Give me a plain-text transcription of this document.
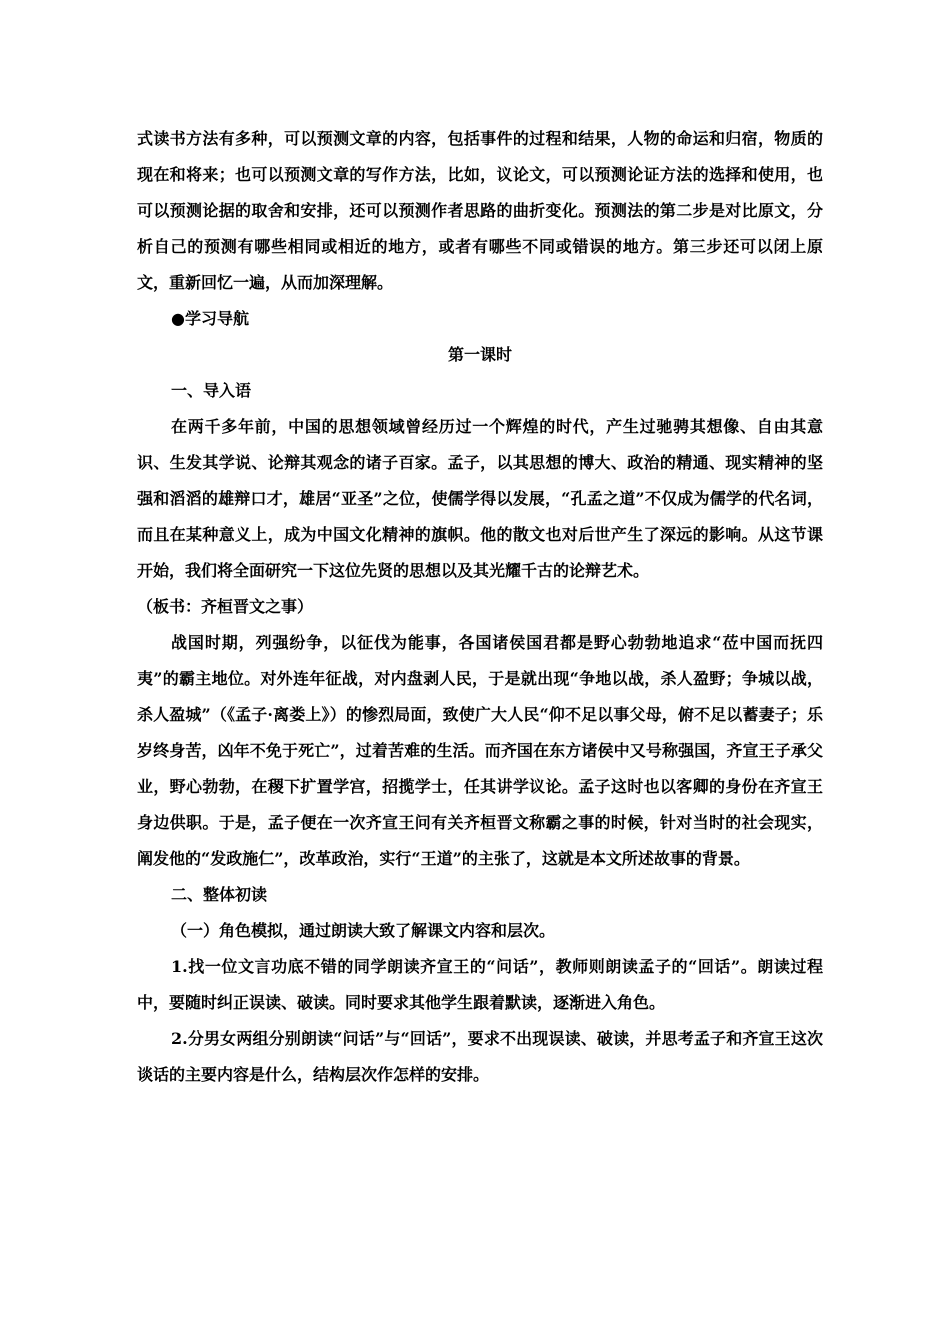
式读书方法有多种，可以预测文章的内容，包括事件的过程和结果，人物的命运和归宿，物质的现在和将来；也可以预测文章的写作方法，比如，议论文，可以预测论证方法的选择和使用，也可以预测论据的取舍和安排，还可以预测作者思路的曲折变化。预测法的第二步是对比原文，分析自己的预测有哪些相同或相近的地方，或者有哪些不同或错误的地方。第三步还可以闭上原文，重新回忆一遍，从而加深理解。

●学习导航

第一课时

一、导入语

在两千多年前，中国的思想领域曾经历过一个辉煌的时代，产生过驰骋其想像、自由其意识、生发其学说、论辩其观念的诸子百家。孟子，以其思想的博大、政治的精通、现实精神的坚强和滔滔的雄辩口才，雄居“亚圣”之位，使儒学得以发展，“孔孟之道”不仅成为儒学的代名词，而且在某种意义上，成为中国文化精神的旗帜。他的散文也对后世产生了深远的影响。从这节课开始，我们将全面研究一下这位先贤的思想以及其光耀千古的论辩艺术。

（板书：齐桓晋文之事）

战国时期，列强纷争，以征伐为能事，各国诸侯国君都是野心勃勃地追求“莅中国而抚四夷”的霸主地位。对外连年征战，对内盘剥人民，于是就出现“争地以战，杀人盈野；争城以战，杀人盈城”（《孟子·离娄上》）的惨烈局面，致使广大人民“仰不足以事父母，俯不足以蓄妻子；乐岁终身苦，凶年不免于死亡”，过着苦难的生活。而齐国在东方诸侯中又号称强国，齐宣王子承父业，野心勃勃，在稷下扩置学宫，招揽学士，任其讲学议论。孟子这时也以客卿的身份在齐宣王身边供职。于是，孟子便在一次齐宣王问有关齐桓晋文称霸之事的时候，针对当时的社会现实，阐发他的“发政施仁”，改革政治，实行“王道”的主张了，这就是本文所述故事的背景。

二、整体初读

（一）角色模拟，通过朗读大致了解课文内容和层次。

1.找一位文言功底不错的同学朗读齐宣王的“问话”，教师则朗读孟子的“回话”。朗读过程中，要随时纠正误读、破读。同时要求其他学生跟着默读，逐渐进入角色。

2.分男女两组分别朗读“问话”与“回话”，要求不出现误读、破读，并思考孟子和齐宣王这次谈话的主要内容是什么，结构层次作怎样的安排。
